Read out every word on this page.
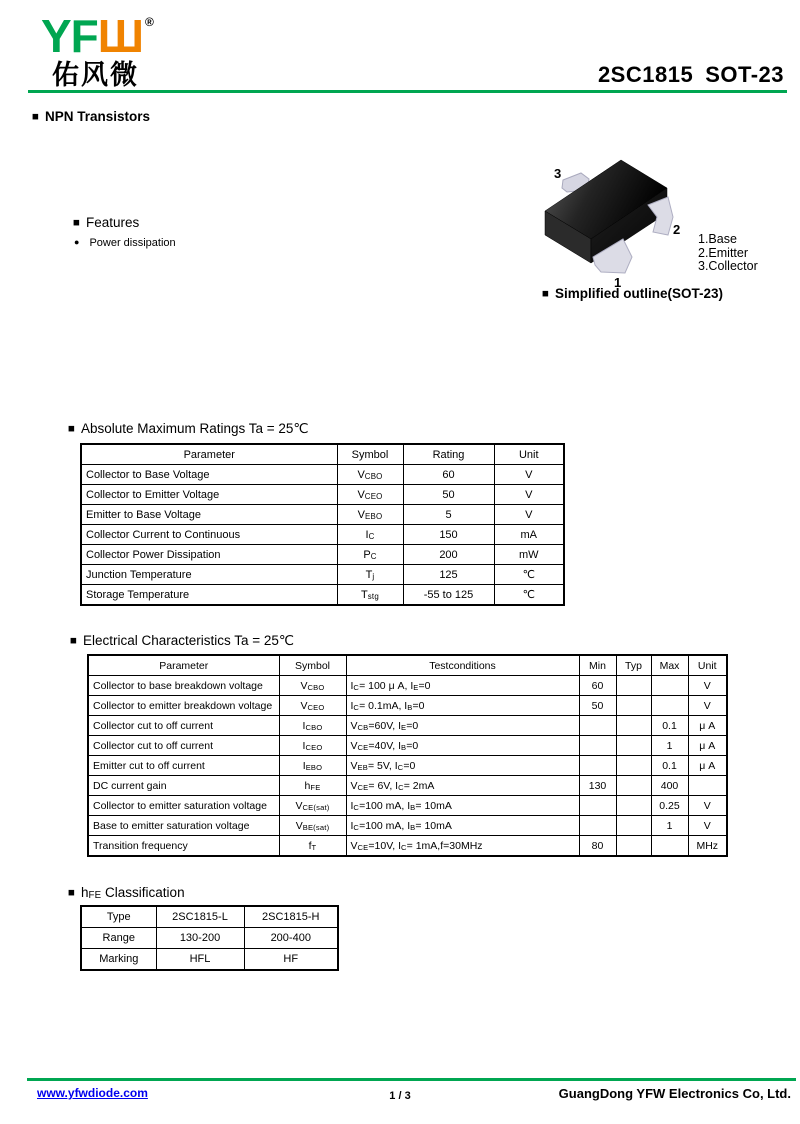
YFШ ®
佑风微	2SC1815 SOT-23
■ NPN Transistors
■ Features
● Power dissipation
3
2
1
1.Base
2.Emitter
3.Collector
■ Simplified outline(SOT-23)
■ Absolute Maximum Ratings Ta = 25℃
Parameter	Symbol	Rating	Unit
Collector to Base Voltage	$V_{CBO}$	60	V
Collector to Emitter Voltage	$V_{CEO}$	50	V
Emitter to Base Voltage	$V_{EBO}$	5	V
Collector Current to Continuous	$I_C$	150	mA
Collector Power Dissipation	$P_C$	200	mW
Junction Temperature	$T_j$	125	℃
Storage Temperature	$T_{stg}$	-55 to 125	℃
■ Electrical Characteristics Ta = 25℃
Parameter	Symbol	Testconditions	Min	Typ	Max	Unit
Collector to base breakdown voltage	$V_{CBO}$	$I_C= 100$ μ A, $I_E=0$	60			V
Collector to emitter breakdown voltage	$V_{CEO}$	$I_C= 0.1mA$, $I_B=0$	50			V
Collector cut to off current	$I_{CBO}$	$V_{CB}=60V$, $I_E=0$			0.1	μ A
Collector cut to off current	$I_{CEO}$	$V_{CE}=40V$, $I_B=0$			1	μ A
Emitter cut to off current	$I_{EBO}$	$V_{EB}= 5V$, $I_C=0$			0.1	μ A
DC current gain	$h_{FE}$	$V_{CE}= 6V$, $I_C= 2mA$	130		400	
Collector to emitter saturation voltage	$V_{CE(sat)}$	$I_C=100$ mA, $I_B= 10mA$			0.25	V
Base to emitter saturation voltage	$V_{BE(sat)}$	$I_C=100$ mA, $I_B= 10mA$			1	V
Transition frequency	$f_T$	$V_{CE}=10V$, $I_C= 1mA,f=30MHz$	80			MHz
■ $h_{FE}$ Classification
Type	2SC1815-L	2SC1815-H
Range	130-200	200-400
Marking	HFL	HF
www.yfwdiode.com	1 / 3	GuangDong YFW Electronics Co, Ltd.
